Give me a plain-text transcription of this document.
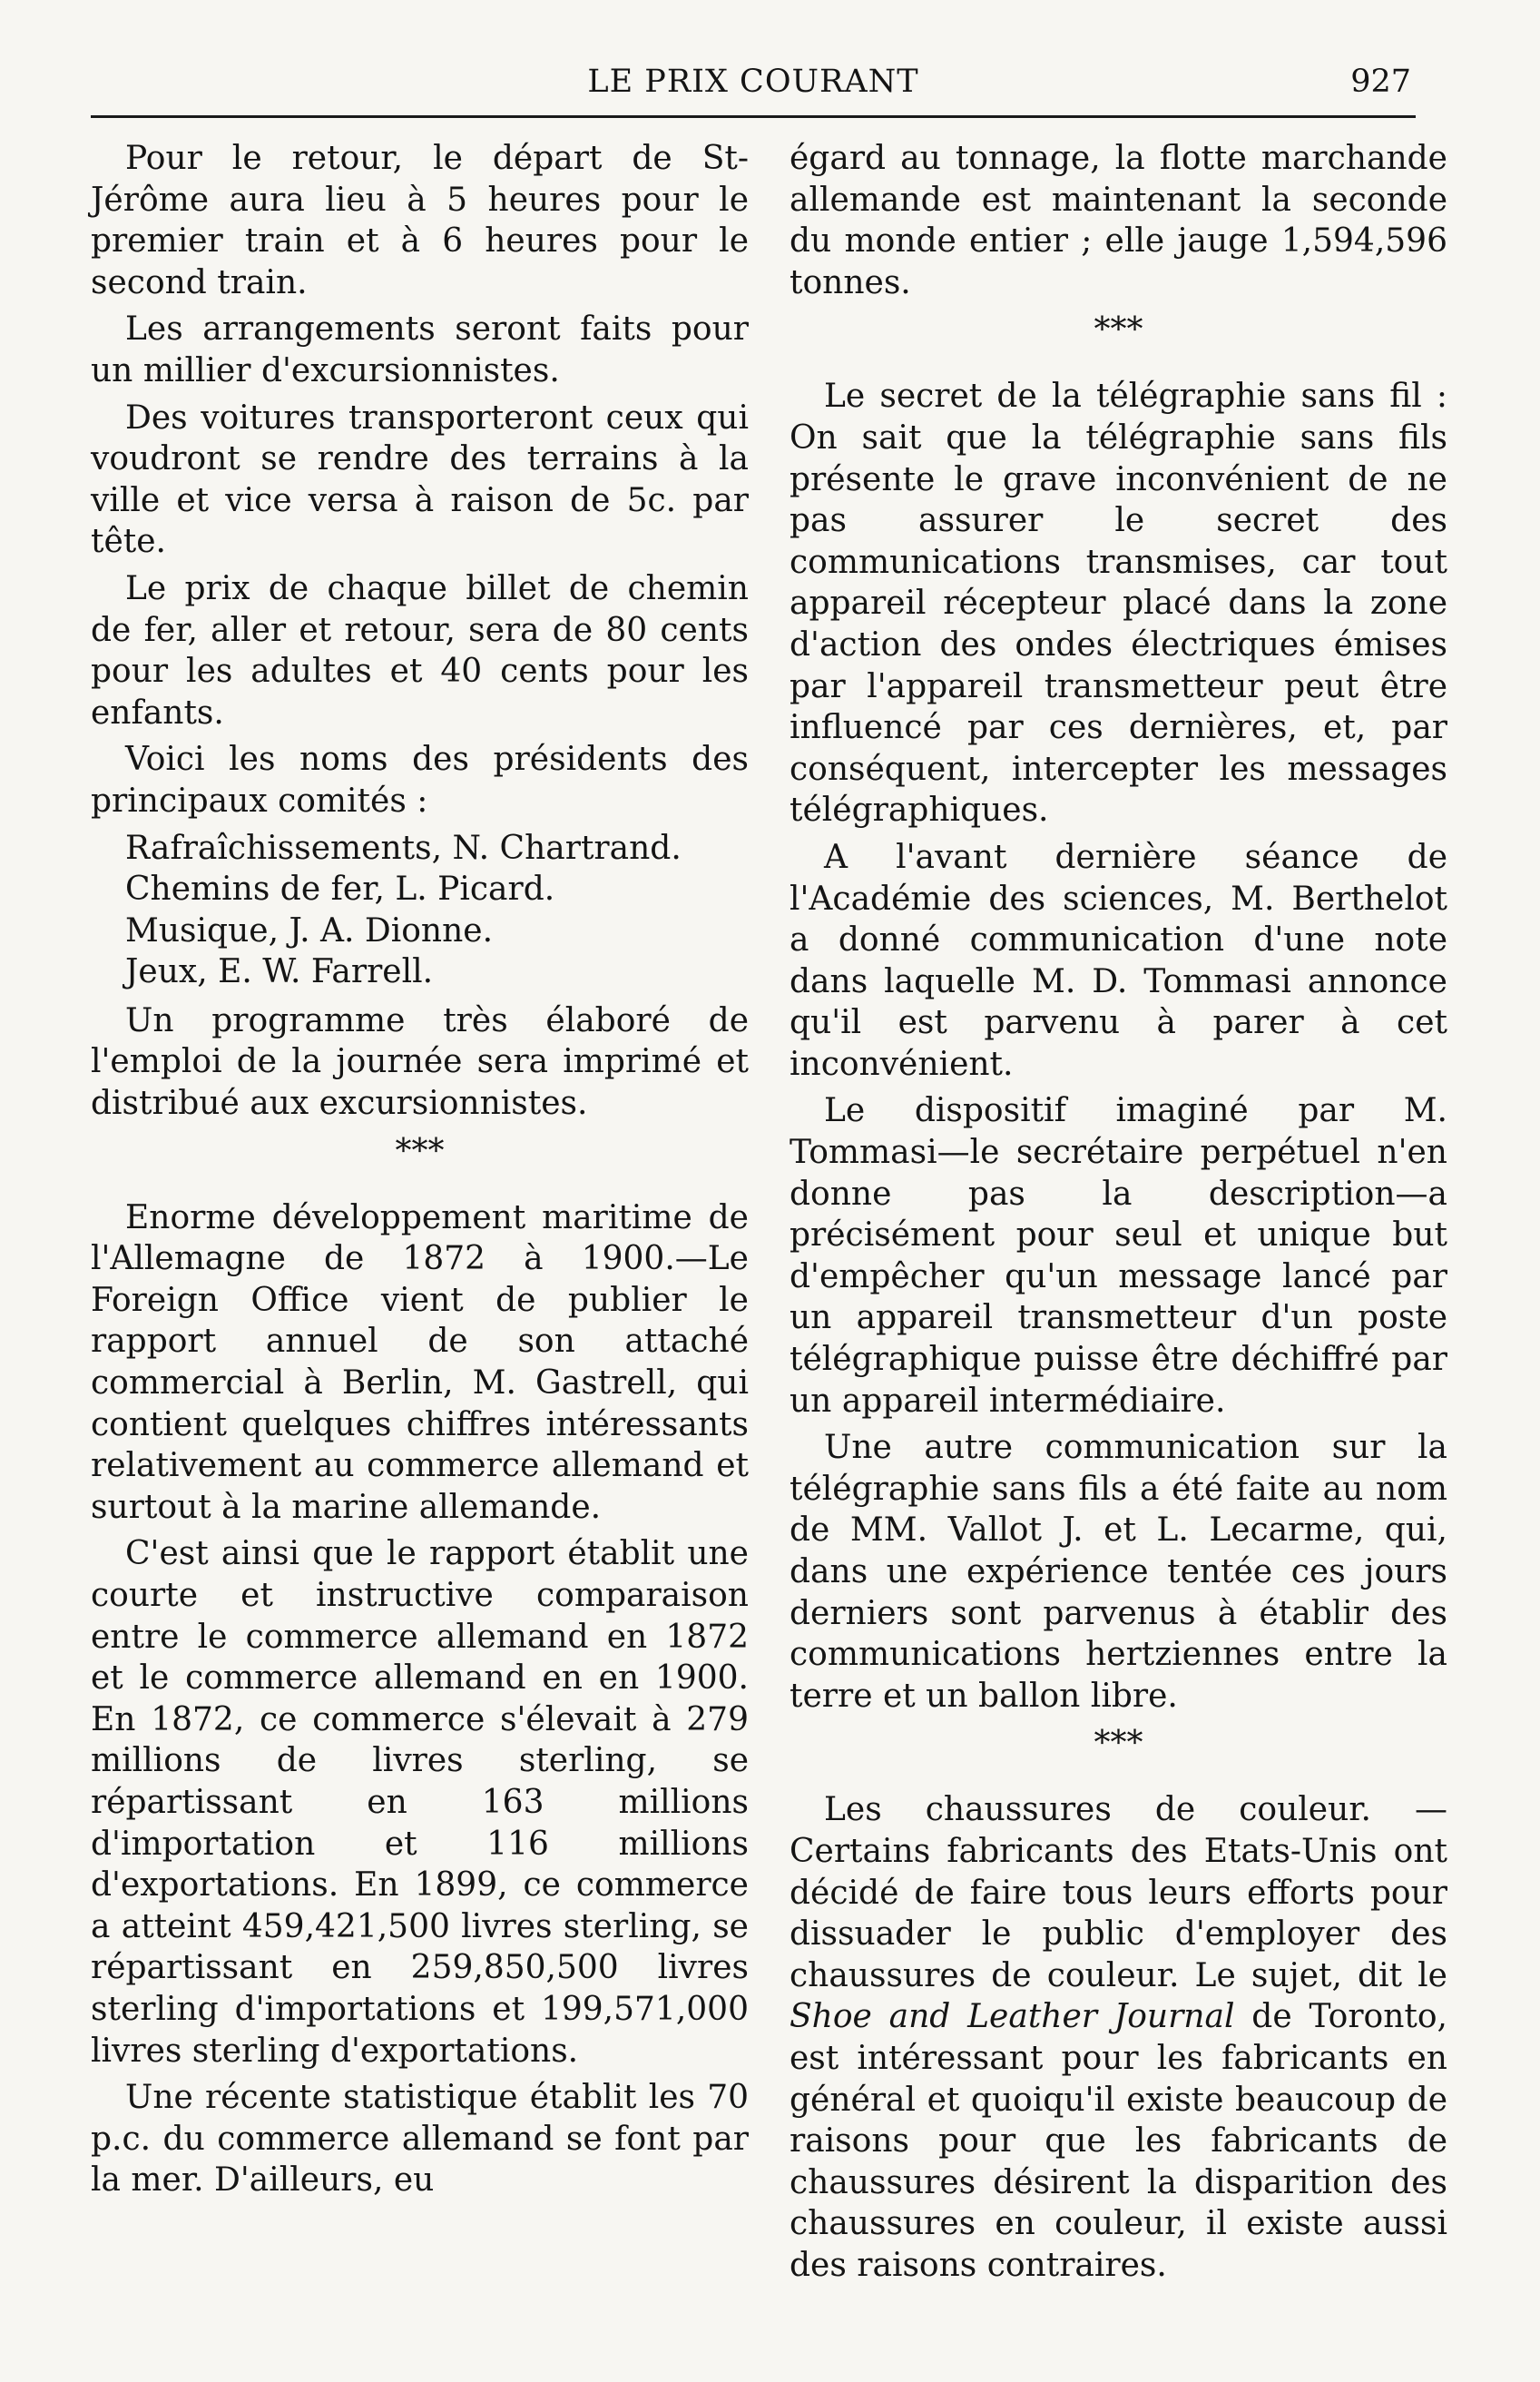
LE PRIX COURANT	927

Pour le retour, le départ de St-Jérôme aura lieu à 5 heures pour le premier train et à 6 heures pour le second train.

Les arrangements seront faits pour un millier d'excursionnistes.

Des voitures transporteront ceux qui voudront se rendre des terrains à la ville et vice versa à raison de 5c. par tête.

Le prix de chaque billet de chemin de fer, aller et retour, sera de 80 cents pour les adultes et 40 cents pour les enfants.

Voici les noms des présidents des principaux comités :

Rafraîchissements, N. Chartrand.

Chemins de fer, L. Picard.

Musique, J. A. Dionne.

Jeux, E. W. Farrell.

Un programme très élaboré de l'emploi de la journée sera imprimé et distribué aux excursionnistes.

***

Enorme développement maritime de l'Allemagne de 1872 à 1900.—Le Foreign Office vient de publier le rapport annuel de son attaché commercial à Berlin, M. Gastrell, qui contient quelques chiffres intéressants relativement au commerce allemand et surtout à la marine allemande.

C'est ainsi que le rapport établit une courte et instructive comparaison entre le commerce allemand en 1872 et le commerce allemand en en 1900. En 1872, ce commerce s'élevait à 279 millions de livres sterling, se répartissant en 163 millions d'importation et 116 millions d'exportations. En 1899, ce commerce a atteint 459,421,500 livres sterling, se répartissant en 259,850,500 livres sterling d'importations et 199,571,000 livres sterling d'exportations.

Une récente statistique établit les 70 p.c. du commerce allemand se font par la mer. D'ailleurs, eu

égard au tonnage, la flotte marchande allemande est maintenant la seconde du monde entier ; elle jauge 1,594,596 tonnes.

***

Le secret de la télégraphie sans fil : On sait que la télégraphie sans fils présente le grave inconvénient de ne pas assurer le secret des communications transmises, car tout appareil récepteur placé dans la zone d'action des ondes électriques émises par l'appareil transmetteur peut être influencé par ces dernières, et, par conséquent, intercepter les messages télégraphiques.

A l'avant dernière séance de l'Académie des sciences, M. Berthelot a donné communication d'une note dans laquelle M. D. Tommasi annonce qu'il est parvenu à parer à cet inconvénient.

Le dispositif imaginé par M. Tommasi—le secrétaire perpétuel n'en donne pas la description—a précisément pour seul et unique but d'empêcher qu'un message lancé par un appareil transmetteur d'un poste télégraphique puisse être déchiffré par un appareil intermédiaire.

Une autre communication sur la télégraphie sans fils a été faite au nom de MM. Vallot J. et L. Lecarme, qui, dans une expérience tentée ces jours derniers sont parvenus à établir des communications hertziennes entre la terre et un ballon libre.

***

Les chaussures de couleur. — Certains fabricants des Etats-Unis ont décidé de faire tous leurs efforts pour dissuader le public d'employer des chaussures de couleur. Le sujet, dit le Shoe and Leather Journal de Toronto, est intéressant pour les fabricants en général et quoiqu'il existe beaucoup de raisons pour que les fabricants de chaussures désirent la disparition des chaussures en couleur, il existe aussi des raisons contraires.
